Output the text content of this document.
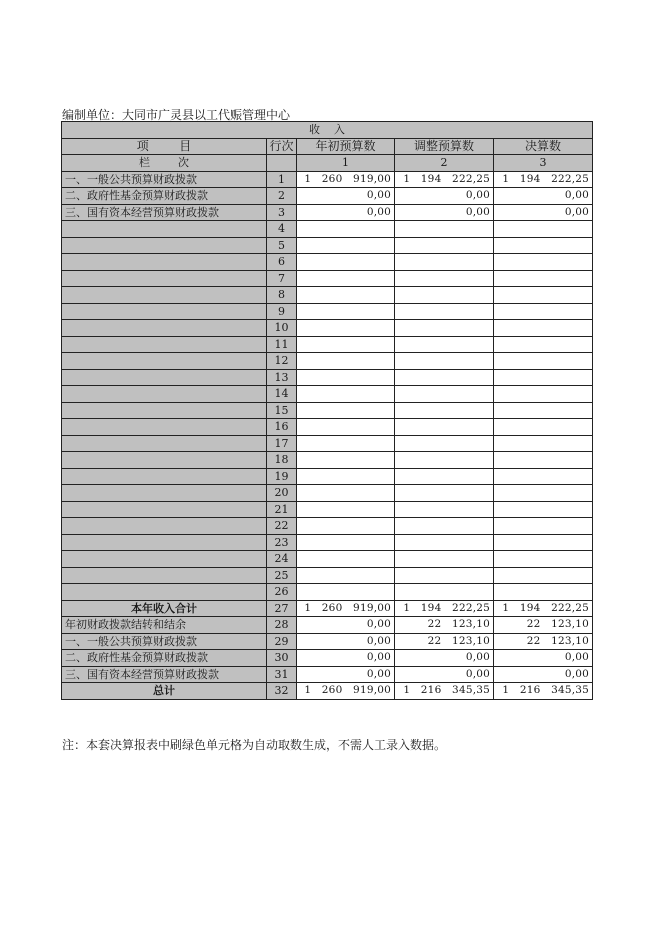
编制单位：大同市广灵县以工代赈管理中心
收    入				
项        目	行次	年初预算数	调整预算数	决算数
栏        次		1	2	3
一、一般公共预算财政拨款	1	1   260   919,00	1   194   222,25	1   194   222,25
二、政府性基金预算财政拨款	2	0,00	0,00	0,00
三、国有资本经营预算财政拨款	3	0,00	0,00	0,00
	4			
	5			
	6			
	7			
	8			
	9			
	10			
	11			
	12			
	13			
	14			
	15			
	16			
	17			
	18			
	19			
	20			
	21			
	22			
	23			
	24			
	25			
	26			
本年收入合计	27	1   260   919,00	1   194   222,25	1   194   222,25
年初财政拨款结转和结余	28	0,00	22   123,10	22   123,10
一、一般公共预算财政拨款	29	0,00	22   123,10	22   123,10
二、政府性基金预算财政拨款	30	0,00	0,00	0,00
三、国有资本经营预算财政拨款	31	0,00	0,00	0,00
总计	32	1   260   919,00	1   216   345,35	1   216   345,35
注：本套决算报表中刷绿色单元格为自动取数生成，不需人工录入数据。
